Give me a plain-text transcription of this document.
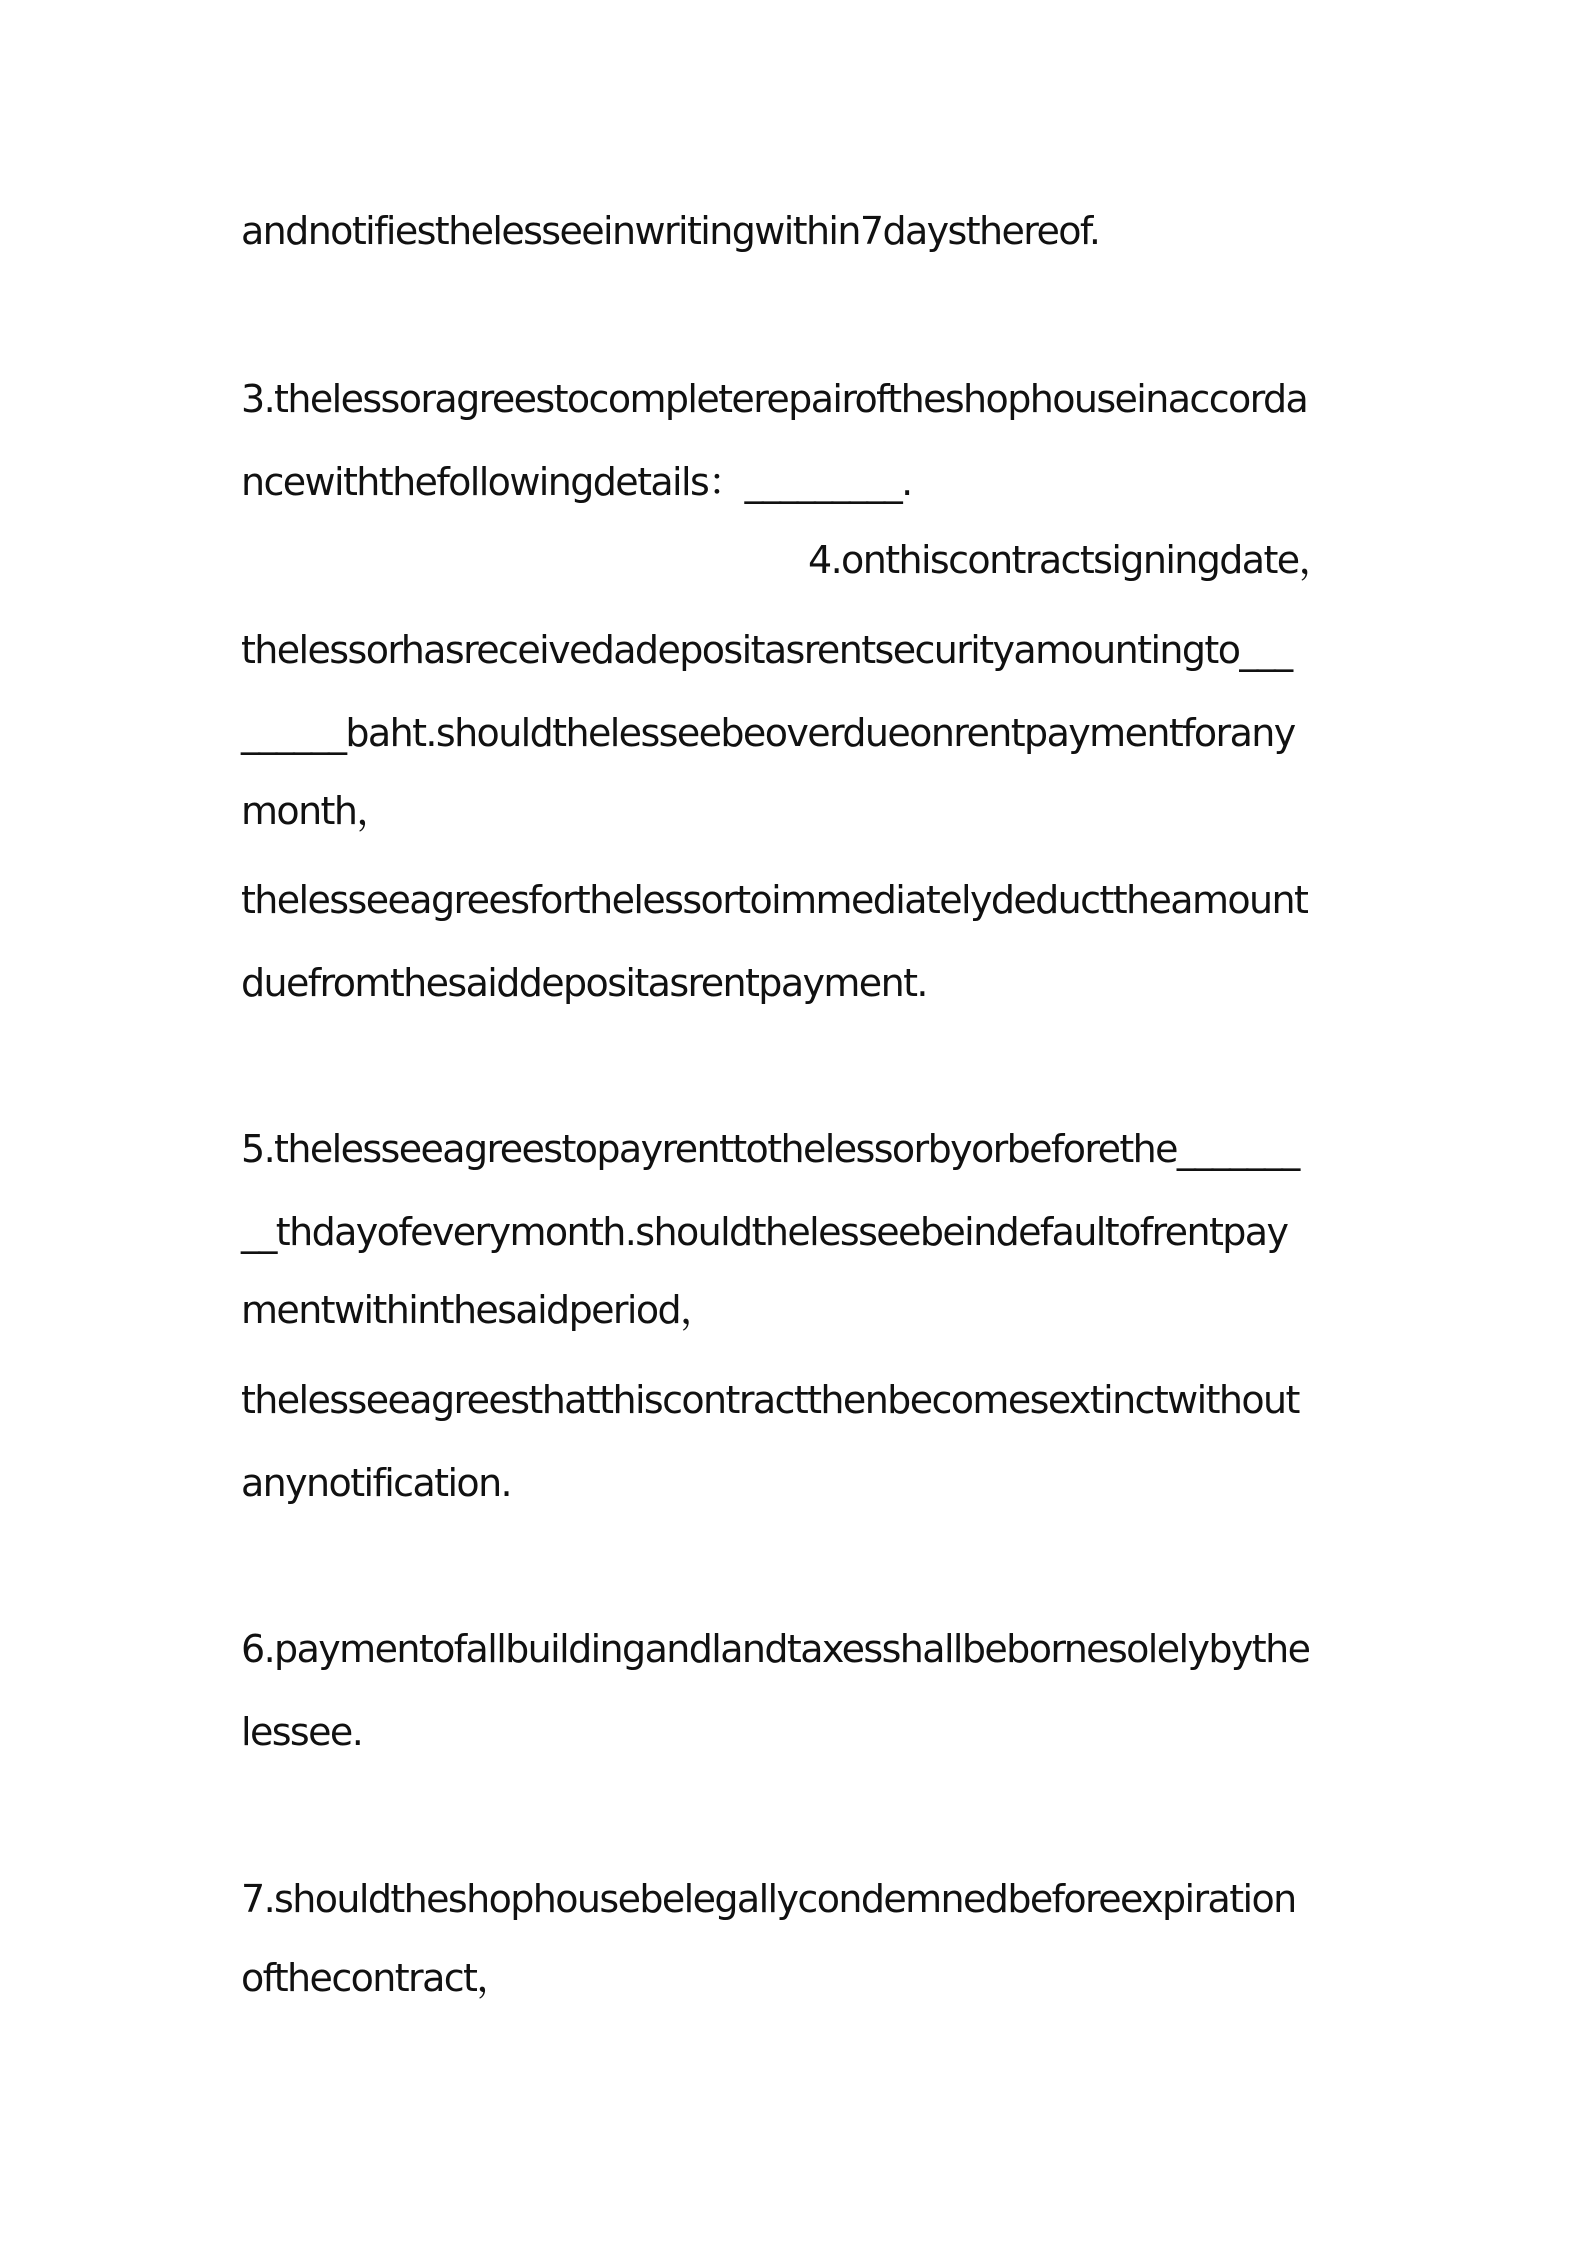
andnotifiesthelesseeinwritingwithin7daysthereof.
3.thelessoragreestocompleterepairoftheshophouseinaccorda
ncewiththefollowingdetails：_________.
4.onthiscontractsigningdate，
thelessorhasreceivedadepositasrentsecurityamountingto___
______baht.shouldthelesseebeoverdueonrentpaymentforany
month，
thelesseeagreesforthelessortoimmediatelydeducttheamount
duefromthesaiddepositasrentpayment.
5.thelesseeagreestopayrenttothelessorbyorbeforethe_______
__thdayofeverymonth.shouldthelesseebeindefaultofrentpay
mentwithinthesaidperiod，
thelesseeagreesthatthiscontractthenbecomesextinctwithout
anynotification.
6.paymentofallbuildingandlandtaxesshallbebornesolelybythe
lessee.
7.shouldtheshophousebelegallycondemnedbeforeexpiration
ofthecontract，
